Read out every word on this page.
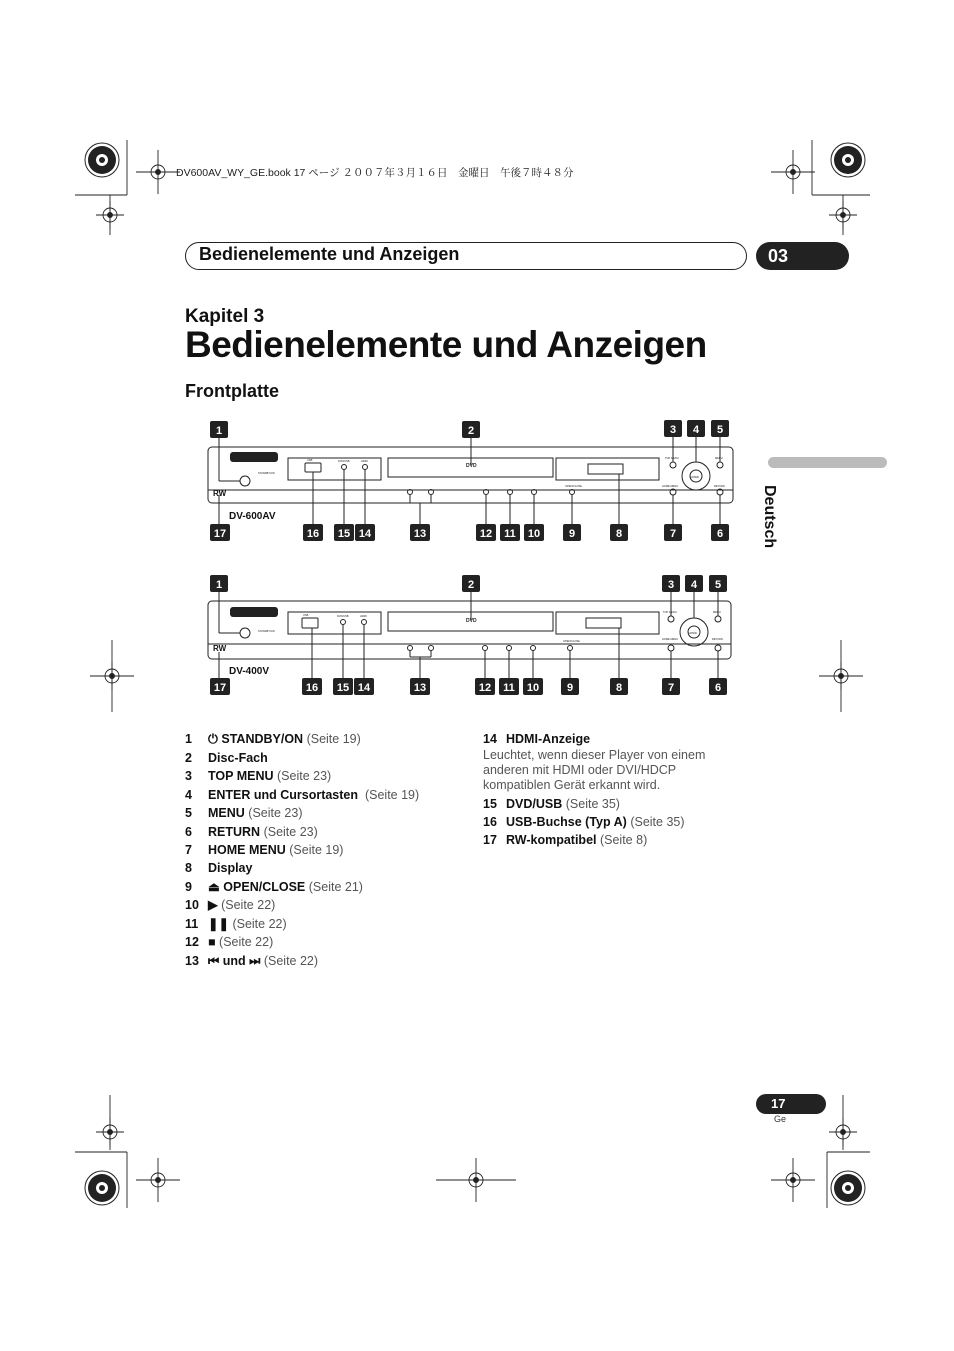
DV600AV_WY_GE.book 17 ページ ２００７年３月１６日　金曜日　午後７時４８分
Bedienelemente und Anzeigen	03
Kapitel 3
Bedienelemente und Anzeigen
Frontplatte
Deutsch
1	2	3 4 5
STANDBY/ON
USB	DVD/USB	HDMI
TOP MENU	MENU
HOME MENU	RETURN
OPEN/CLOSE
ENTER
DVD
RW
DV-600AV
17	16 15 14	13	12 11 10	9	8	7	6
1	2	3 4 5
STANDBY/ON
USB	DVD/USB	HDMI
TOP MENU	MENU
HOME MENU	RETURN
OPEN/CLOSE
ENTER
DVD
RW
DV-400V
17	16 15 14	13	12 11 10	9	8	7	6
1 ⏻ STANDBY/ON (Seite 19)
2 Disc-Fach
3 TOP MENU (Seite 23)
4 ENTER und Cursortasten (Seite 19)
5 MENU (Seite 23)
6 RETURN (Seite 23)
7 HOME MENU (Seite 19)
8 Display
9 ⏏ OPEN/CLOSE (Seite 21)
10 ▶ (Seite 22)
11 ❚❚ (Seite 22)
12 ■ (Seite 22)
13 ⏮ und ⏭ (Seite 22)
14 HDMI-Anzeige
Leuchtet, wenn dieser Player von einem
anderen mit HDMI oder DVI/HDCP
kompatiblen Gerät erkannt wird.
15 DVD/USB (Seite 35)
16 USB-Buchse (Typ A) (Seite 35)
17 RW-kompatibel (Seite 8)
17
Ge
